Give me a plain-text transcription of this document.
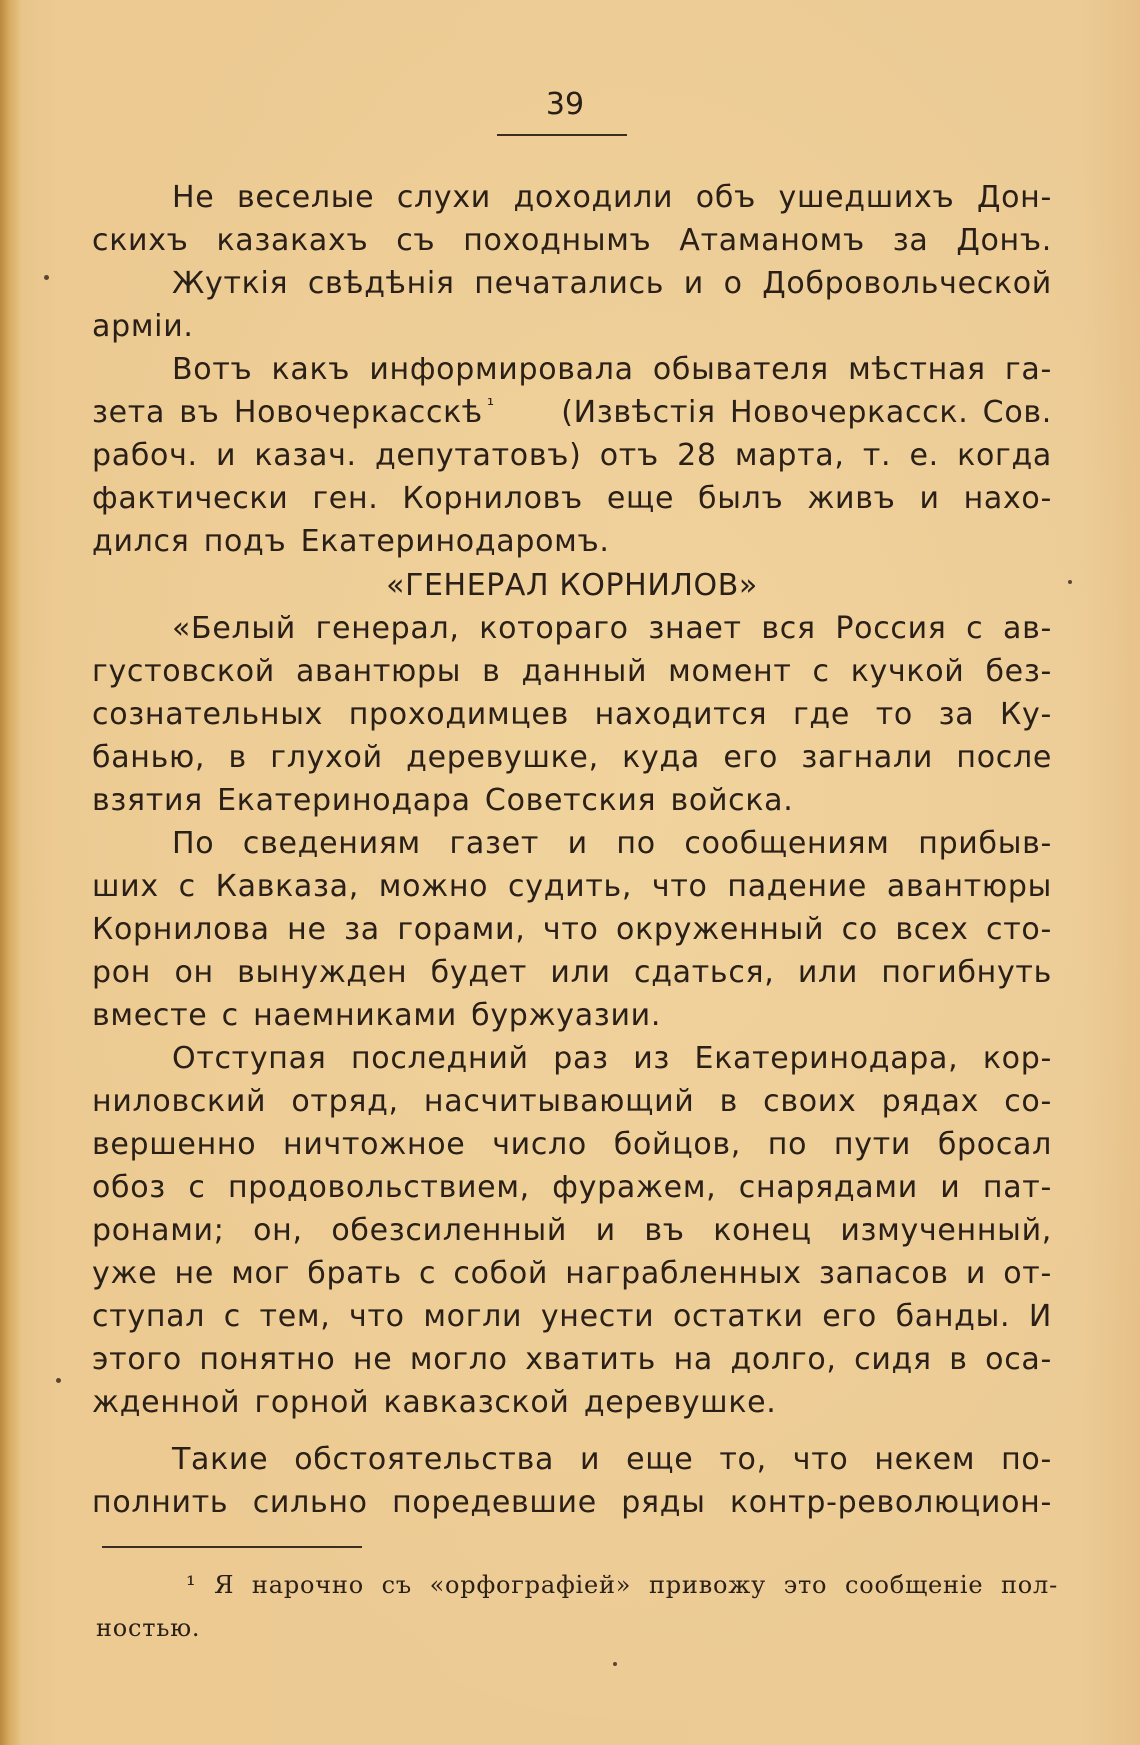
39
Не веселые слухи доходили объ ушедшихъ Дон-
скихъ казакахъ съ походнымъ Атаманомъ за Донъ.
Жуткія свѣдѣнія печатались и о Добровольческой
арміи.
Вотъ какъ информировала обывателя мѣстная га-
зета въ Новочеркасскѣ $^{^1}$ (Извѣстія Новочеркасск. Сов.
рабоч. и казач. депутатовъ) отъ 28 марта, т. е. когда
фактически ген. Корниловъ еще былъ живъ и нахо-
дился подъ Екатеринодаромъ.
«ГЕНЕРАЛ КОРНИЛОВ»
«Белый генерал, котораго знает вся Россия с ав-
густовской авантюры в данный момент с кучкой без-
сознательных проходимцев находится где то за Ку-
банью, в глухой деревушке, куда его загнали после
взятия Екатеринодара Советския войска.
По сведениям газет и по сообщениям прибыв-
ших с Кавказа, можно судить, что падение авантюры
Корнилова не за горами, что окруженный со всех сто-
рон он вынужден будет или сдаться, или погибнуть
вместе с наемниками буржуазии.
Отступая последний раз из Екатеринодара, кор-
ниловский отряд, насчитывающий в своих рядах со-
вершенно ничтожное число бойцов, по пути бросал
обоз с продовольствием, фуражем, снарядами и пат-
ронами; он, обезсиленный и въ конец измученный,
уже не мог брать с собой награбленных запасов и от-
ступал с тем, что могли унести остатки его банды. И
этого понятно не могло хватить на долго, сидя в оса-
жденной горной кавказской деревушке.
Такие обстоятельства и еще то, что некем по-
полнить сильно поредевшие ряды контр-революцион-
¹ Я нарочно съ «орфографіей» привожу это сообщеніе пол-
ностью.
